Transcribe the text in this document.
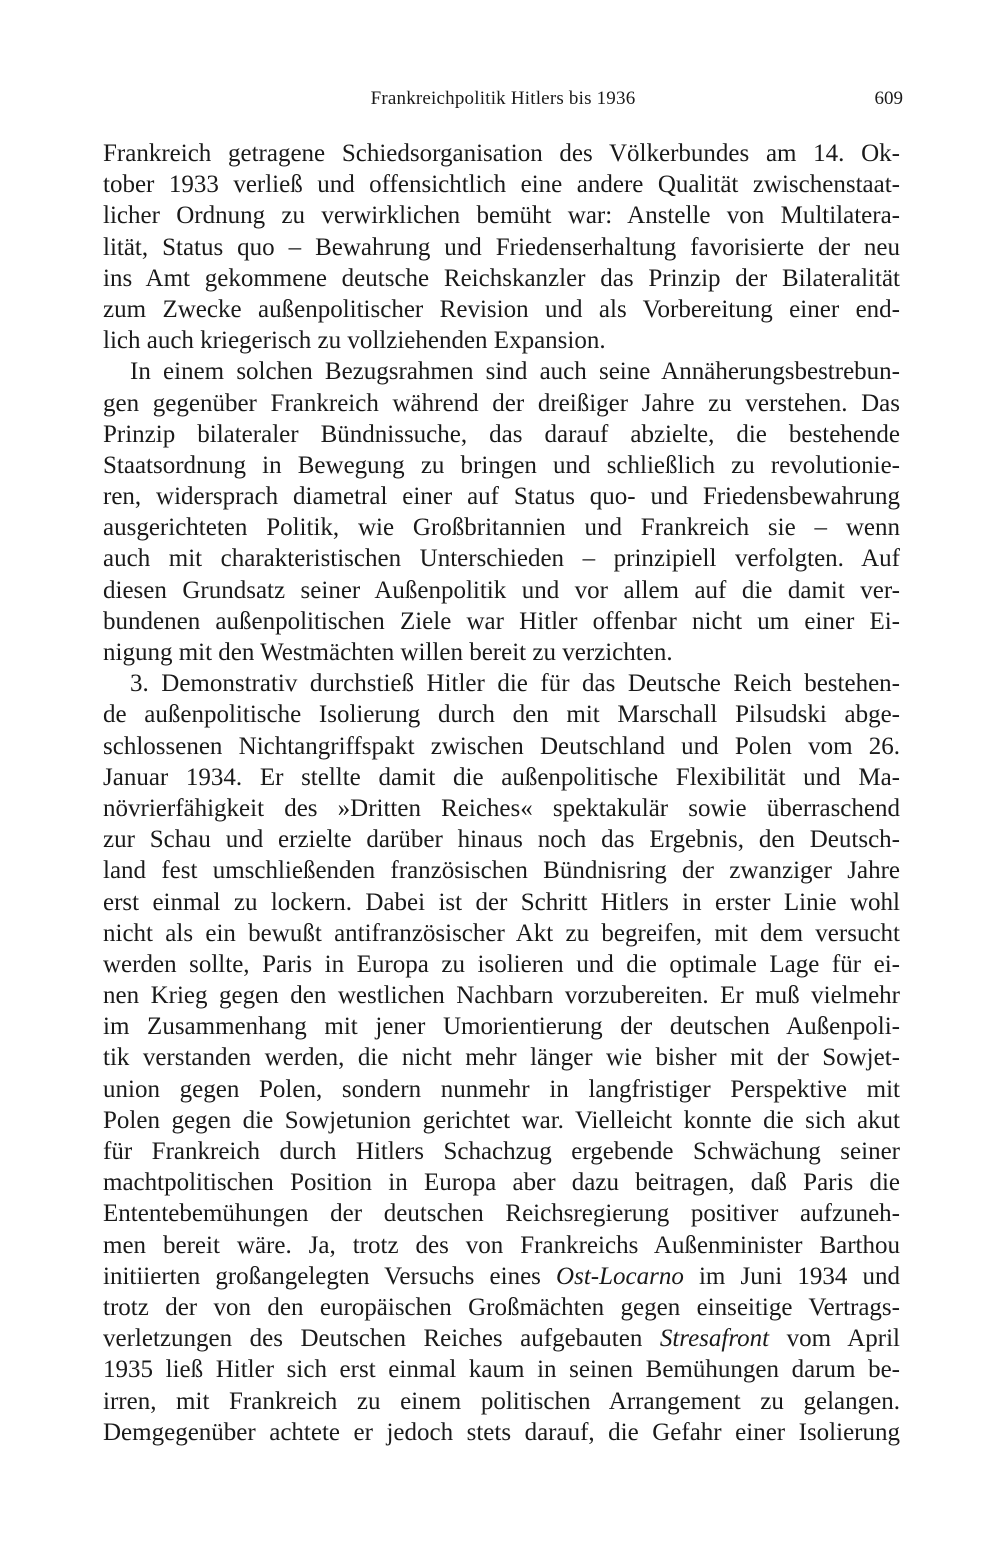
Frankreichpolitik Hitlers bis 1936	609
Frankreich getragene Schiedsorganisation des Völkerbundes am 14. Ok-
tober 1933 verließ und offensichtlich eine andere Qualität zwischenstaat-
licher Ordnung zu verwirklichen bemüht war: Anstelle von Multilatera-
lität, Status quo – Bewahrung und Friedenserhaltung favorisierte der neu
ins Amt gekommene deutsche Reichskanzler das Prinzip der Bilateralität
zum Zwecke außenpolitischer Revision und als Vorbereitung einer end-
lich auch kriegerisch zu vollziehenden Expansion.
In einem solchen Bezugsrahmen sind auch seine Annäherungsbestrebun-
gen gegenüber Frankreich während der dreißiger Jahre zu verstehen. Das
Prinzip bilateraler Bündnissuche, das darauf abzielte, die bestehende
Staatsordnung in Bewegung zu bringen und schließlich zu revolutionie-
ren, widersprach diametral einer auf Status quo- und Friedensbewahrung
ausgerichteten Politik, wie Großbritannien und Frankreich sie – wenn
auch mit charakteristischen Unterschieden – prinzipiell verfolgten. Auf
diesen Grundsatz seiner Außenpolitik und vor allem auf die damit ver-
bundenen außenpolitischen Ziele war Hitler offenbar nicht um einer Ei-
nigung mit den Westmächten willen bereit zu verzichten.
3. Demonstrativ durchstieß Hitler die für das Deutsche Reich bestehen-
de außenpolitische Isolierung durch den mit Marschall Pilsudski abge-
schlossenen Nichtangriffspakt zwischen Deutschland und Polen vom 26.
Januar 1934. Er stellte damit die außenpolitische Flexibilität und Ma-
növrierfähigkeit des »Dritten Reiches« spektakulär sowie überraschend
zur Schau und erzielte darüber hinaus noch das Ergebnis, den Deutsch-
land fest umschließenden französischen Bündnisring der zwanziger Jahre
erst einmal zu lockern. Dabei ist der Schritt Hitlers in erster Linie wohl
nicht als ein bewußt antifranzösischer Akt zu begreifen, mit dem versucht
werden sollte, Paris in Europa zu isolieren und die optimale Lage für ei-
nen Krieg gegen den westlichen Nachbarn vorzubereiten. Er muß vielmehr
im Zusammenhang mit jener Umorientierung der deutschen Außenpoli-
tik verstanden werden, die nicht mehr länger wie bisher mit der Sowjet-
union gegen Polen, sondern nunmehr in langfristiger Perspektive mit
Polen gegen die Sowjetunion gerichtet war. Vielleicht konnte die sich akut
für Frankreich durch Hitlers Schachzug ergebende Schwächung seiner
machtpolitischen Position in Europa aber dazu beitragen, daß Paris die
Ententebemühungen der deutschen Reichsregierung positiver aufzuneh-
men bereit wäre. Ja, trotz des von Frankreichs Außenminister Barthou
initiierten großangelegten Versuchs eines Ost-Locarno im Juni 1934 und
trotz der von den europäischen Großmächten gegen einseitige Vertrags-
verletzungen des Deutschen Reiches aufgebauten Stresafront vom April
1935 ließ Hitler sich erst einmal kaum in seinen Bemühungen darum be-
irren, mit Frankreich zu einem politischen Arrangement zu gelangen.
Demgegenüber achtete er jedoch stets darauf, die Gefahr einer Isolierung
